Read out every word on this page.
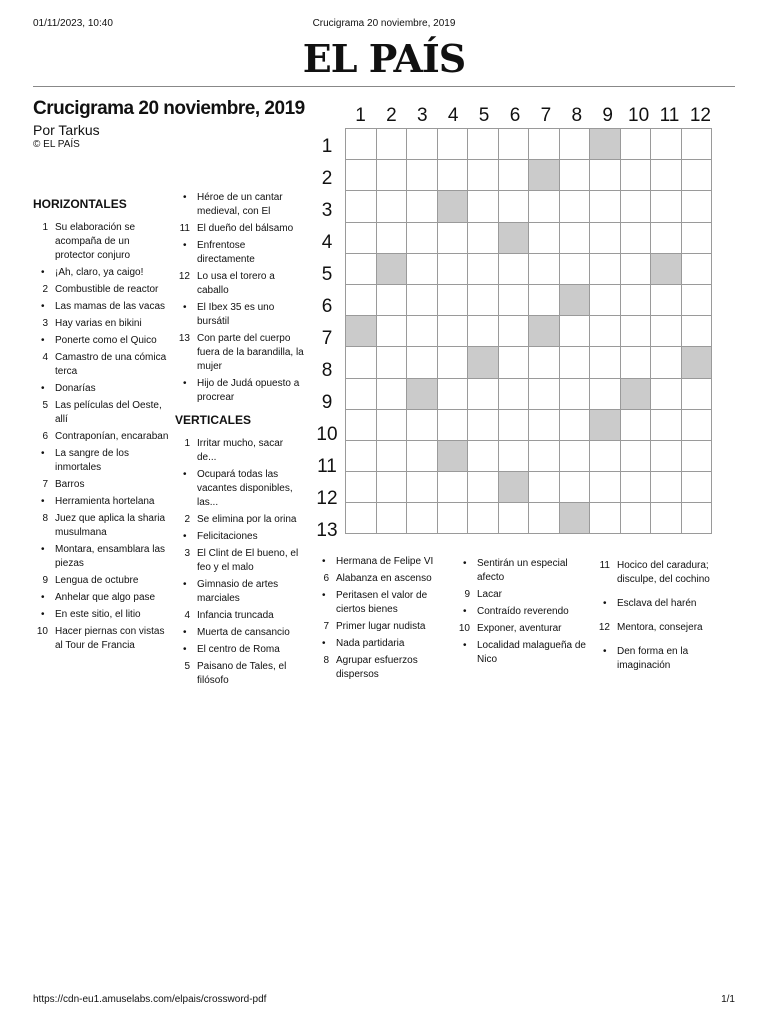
01/11/2023, 10:40	Crucigrama 20 noviembre, 2019
EL PAÍS
Crucigrama 20 noviembre, 2019
Por Tarkus
© EL PAÍS
1	2	3	4	5	6	7	8	9 10 11 12
1
2
3
4
5
6
7
8
9
10
11
12
13

HORIZONTALES
1 Su elaboración se acompaña de un protector conjuro
• ¡Ah, claro, ya caigo!
2 Combustible de reactor
• Las mamas de las vacas
3 Hay varias en bikini
• Ponerte como el Quico
4 Camastro de una cómica terca
• Donarías
5 Las películas del Oeste, allí
6 Contraponían, encaraban
• La sangre de los inmortales
7 Barros
• Herramienta hortelana
8 Juez que aplica la sharia musulmana
• Montara, ensamblara las piezas
9 Lengua de octubre
• Anhelar que algo pase
• En este sitio, el litio
10 Hacer piernas con vistas al Tour de Francia
• Héroe de un cantar medieval, con El
11 El dueño del bálsamo
• Enfrentose directamente
12 Lo usa el torero a caballo
• El Ibex 35 es uno bursátil
13 Con parte del cuerpo fuera de la barandilla, la mujer
• Hijo de Judá opuesto a procrear
VERTICALES
1 Irritar mucho, sacar de...
• Ocupará todas las vacantes disponibles, las...
2 Se elimina por la orina
• Felicitaciones
3 El Clint de El bueno, el feo y el malo
• Gimnasio de artes marciales
4 Infancia truncada
• Muerta de cansancio
• El centro de Roma
5 Paisano de Tales, el filósofo
• Hermana de Felipe VI
6 Alabanza en ascenso
• Peritasen el valor de ciertos bienes
7 Primer lugar nudista
• Nada partidaria
8 Agrupar esfuerzos dispersos
• Sentirán un especial afecto
9 Lacar
• Contraído reverendo
10 Exponer, aventurar
• Localidad malagueña de Nico
11 Hocico del caradura; disculpe, del cochino
• Esclava del harén
12 Mentora, consejera
• Den forma en la imaginación
https://cdn-eu1.amuselabs.com/elpais/crossword-pdf	1/1
